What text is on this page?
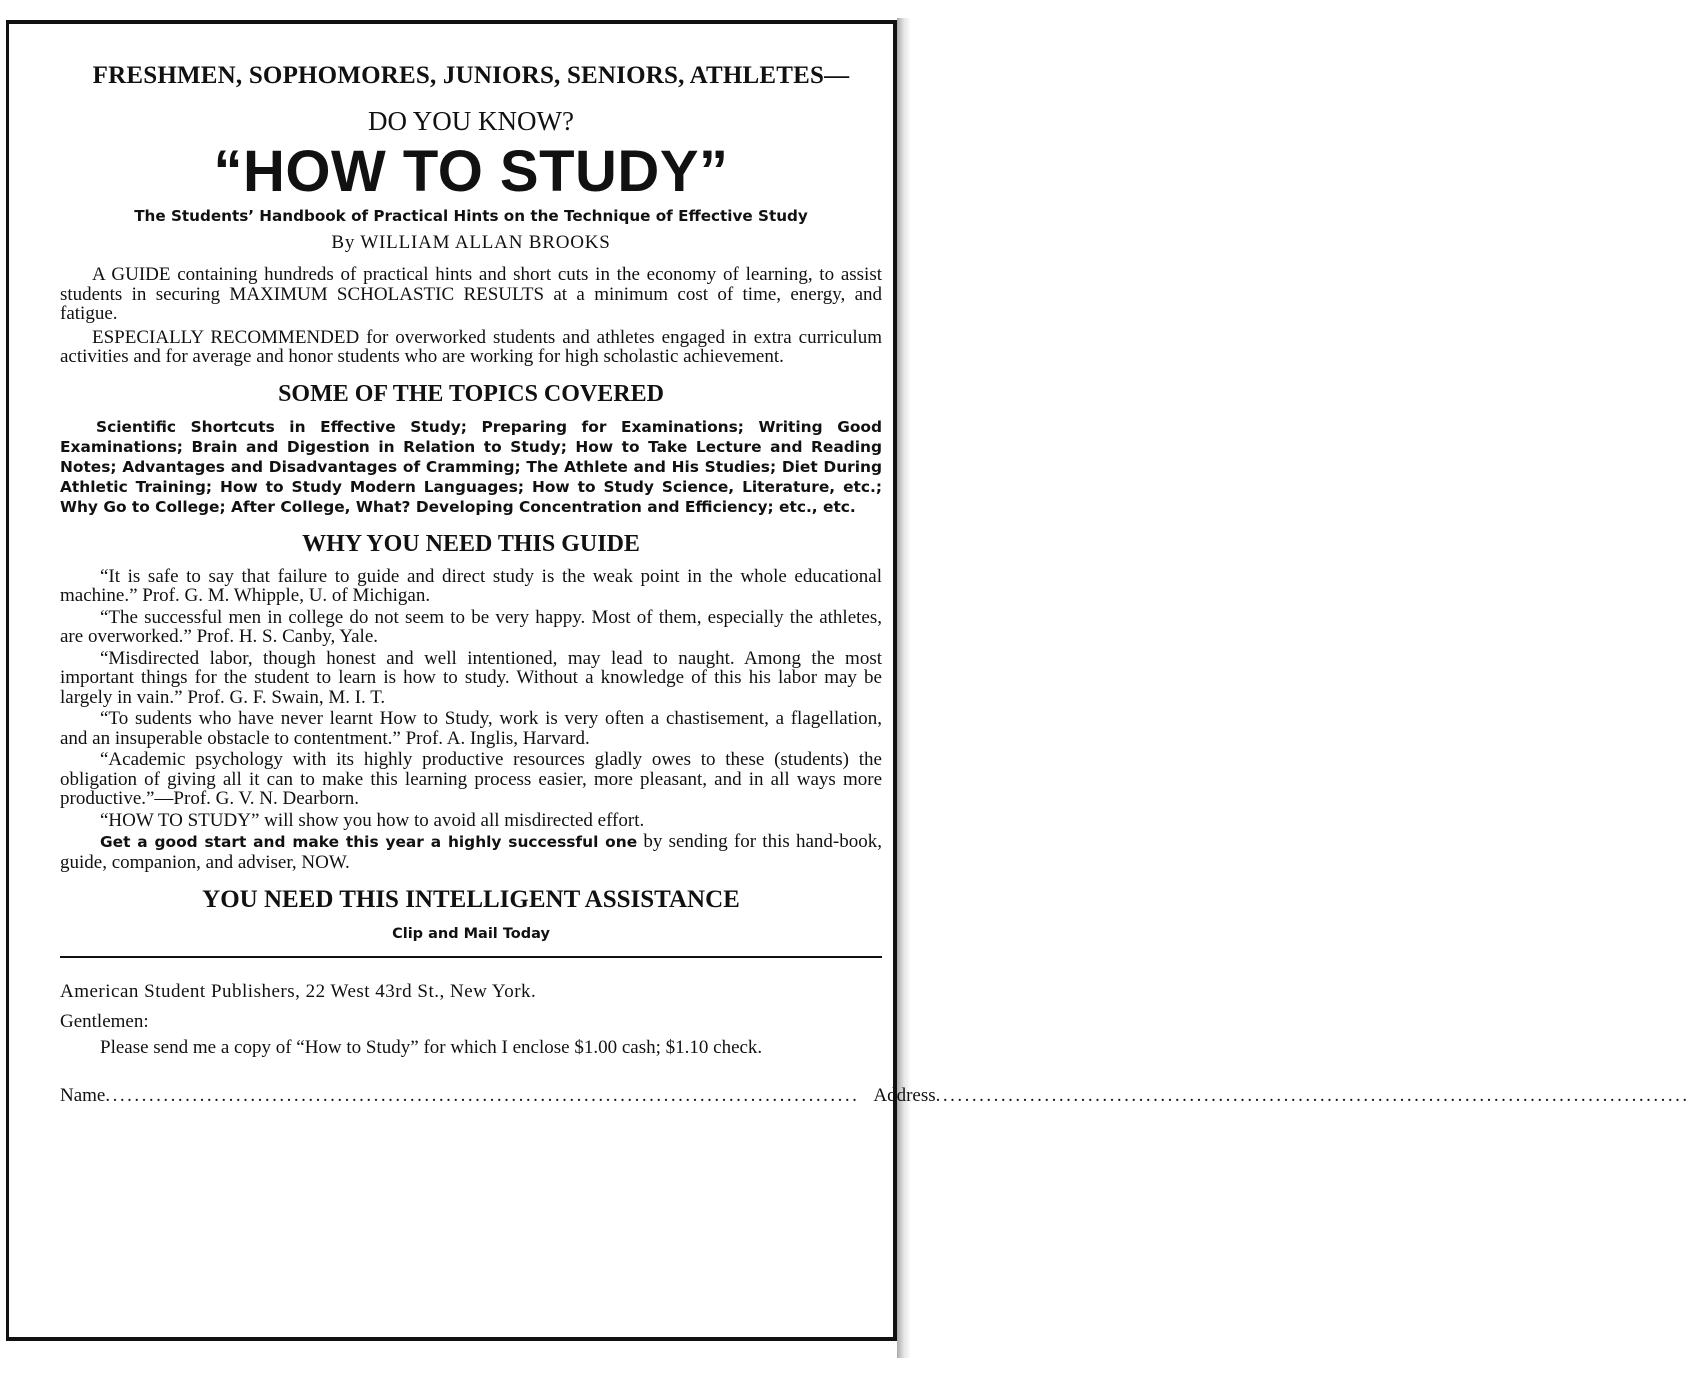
FRESHMEN, SOPHOMORES, JUNIORS, SENIORS, ATHLETES—

DO YOU KNOW?

“HOW TO STUDY”

The Students’ Handbook of Practical Hints on the Technique of Effective Study

By WILLIAM ALLAN BROOKS

A GUIDE containing hundreds of practical hints and short cuts in the economy of learning, to assist students in securing MAXIMUM SCHOLASTIC RESULTS at a minimum cost of time, energy, and fatigue.

ESPECIALLY RECOMMENDED for overworked students and athletes engaged in extra curriculum activities and for average and honor students who are working for high scholastic achievement.

SOME OF THE TOPICS COVERED

Scientific Shortcuts in Effective Study; Preparing for Examinations; Writing Good Examinations; Brain and Digestion in Relation to Study; How to Take Lecture and Reading Notes; Advantages and Disadvantages of Cramming; The Athlete and His Studies; Diet During Athletic Training; How to Study Modern Languages; How to Study Science, Literature, etc.; Why Go to College; After College, What? Developing Concentration and Efficiency; etc., etc.

WHY YOU NEED THIS GUIDE

“It is safe to say that failure to guide and direct study is the weak point in the whole educational machine.” Prof. G. M. Whipple, U. of Michigan.

“The successful men in college do not seem to be very happy. Most of them, especially the athletes, are overworked.” Prof. H. S. Canby, Yale.

“Misdirected labor, though honest and well intentioned, may lead to naught. Among the most important things for the student to learn is how to study. Without a knowledge of this his labor may be largely in vain.” Prof. G. F. Swain, M. I. T.

“To sudents who have never learnt How to Study, work is very often a chastisement, a flagellation, and an insuperable obstacle to contentment.” Prof. A. Inglis, Harvard.

“Academic psychology with its highly productive resources gladly owes to these (students) the obligation of giving all it can to make this learning process easier, more pleasant, and in all ways more productive.”—Prof. G. V. N. Dearborn.

“HOW TO STUDY” will show you how to avoid all misdirected effort.

Get a good start and make this year a highly successful one by sending for this hand-book, guide, companion, and adviser, NOW.

YOU NEED THIS INTELLIGENT ASSISTANCE

Clip and Mail Today

American Student Publishers, 22 West 43rd St., New York.

Gentlemen:

Please send me a copy of “How to Study” for which I enclose $1.00 cash; $1.10 check.

Name ........................................................................................................ Address ........................................................................................................
